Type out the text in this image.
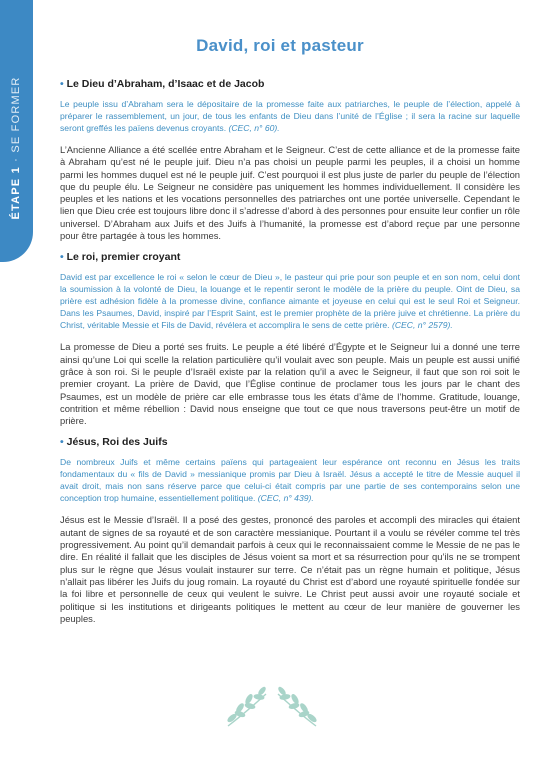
ÉTAPE 1 · SE FORMER
David, roi et pasteur
• Le Dieu d’Abraham, d’Isaac et de Jacob

Le peuple issu d’Abraham sera le dépositaire de la promesse faite aux patriarches, le peuple de l’élection, appelé à préparer le rassemblement, un jour, de tous les enfants de Dieu dans l’unité de l’Église ; il sera la racine sur laquelle seront greffés les païens devenus croyants. (CEC, n° 60).

L’Ancienne Alliance a été scellée entre Abraham et le Seigneur. C’est de cette alliance et de la promesse faite à Abraham qu’est né le peuple juif. Dieu n’a pas choisi un peuple parmi les peuples, il a choisi un homme parmi les hommes duquel est né le peuple juif. C’est pourquoi il est plus juste de parler du peuple de l’élection que du peuple élu. Le Seigneur ne considère pas uniquement les hommes individuellement. Il considère les peuples et les nations et les vocations personnelles des patriarches ont une portée universelle. Cependant le lien que Dieu crée est toujours libre donc il s’adresse d’abord à des personnes pour ensuite leur confier un rôle universel. D’Abraham aux Juifs et des Juifs à l’humanité, la promesse est d’abord reçue par une personne pour être partagée à tous les hommes.

• Le roi, premier croyant

David est par excellence le roi « selon le cœur de Dieu », le pasteur qui prie pour son peuple et en son nom, celui dont la soumission à la volonté de Dieu, la louange et le repentir seront le modèle de la prière du peuple. Oint de Dieu, sa prière est adhésion fidèle à la promesse divine, confiance aimante et joyeuse en celui qui est le seul Roi et Seigneur. Dans les Psaumes, David, inspiré par l’Esprit Saint, est le premier prophète de la prière juive et chrétienne. La prière du Christ, véritable Messie et Fils de David, révélera et accomplira le sens de cette prière. (CEC, n° 2579).

La promesse de Dieu a porté ses fruits. Le peuple a été libéré d’Égypte et le Seigneur lui a donné une terre ainsi qu’une Loi qui scelle la relation particulière qu’il voulait avec son peuple. Mais un peuple est aussi unifié grâce à son roi. Si le peuple d’Israël existe par la relation qu’il a avec le Seigneur, il faut que son roi soit le premier croyant. La prière de David, que l’Église continue de proclamer tous les jours par le chant des Psaumes, est un modèle de prière car elle embrasse tous les états d’âme de l’homme. Gratitude, louange, contrition et même rébellion : David nous enseigne que tout ce que nous traversons peut-être un motif de prière.

• Jésus, Roi des Juifs

De nombreux Juifs et même certains païens qui partageaient leur espérance ont reconnu en Jésus les traits fondamentaux du « fils de David » messianique promis par Dieu à Israël. Jésus a accepté le titre de Messie auquel il avait droit, mais non sans réserve parce que celui-ci était compris par une partie de ses contemporains selon une conception trop humaine, essentiellement politique. (CEC, n° 439).

Jésus est le Messie d’Israël. Il a posé des gestes, prononcé des paroles et accompli des miracles qui étaient autant de signes de sa royauté et de son caractère messianique. Pourtant il a voulu se révéler comme tel très progressivement. Au point qu’il demandait parfois à ceux qui le reconnaissaient comme le Messie de ne pas le dire. En réalité il fallait que les disciples de Jésus voient sa mort et sa résurrection pour qu’ils ne se trompent plus sur le règne que Jésus voulait instaurer sur terre. Ce n’était pas un règne humain et politique, Jésus n’allait pas libérer les Juifs du joug romain. La royauté du Christ est d’abord une royauté spirituelle fondée sur la foi libre et personnelle de ceux qui veulent le suivre. Le Christ peut aussi avoir une royauté sociale et politique si les institutions et dirigeants politiques le mettent au cœur de leur manière de gouverner les peuples.
